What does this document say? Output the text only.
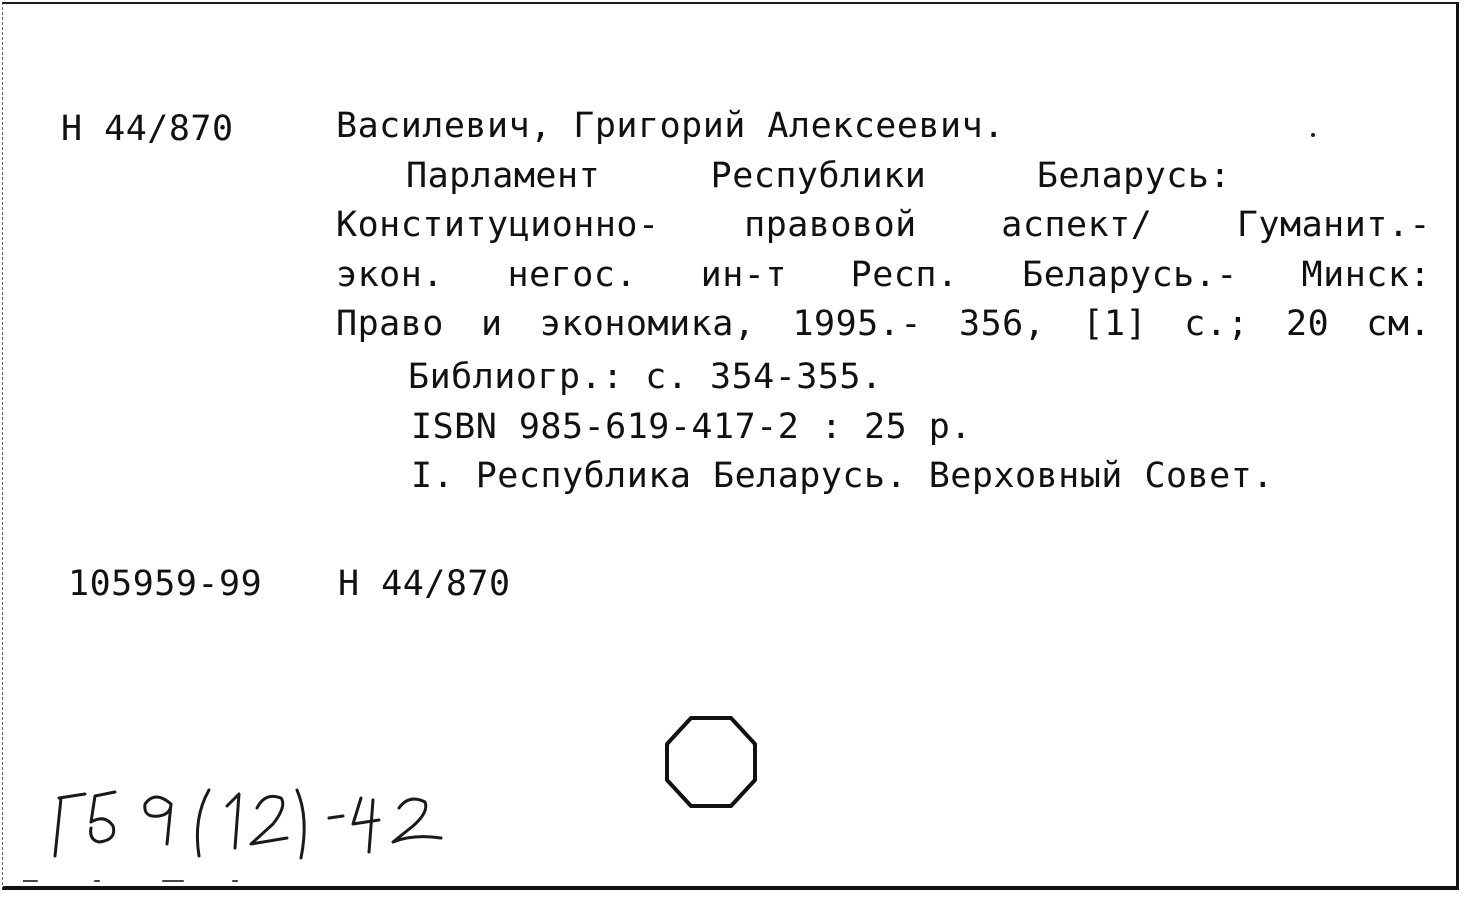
Н 44/870	Василевич, Григорий Алексеевич.
Парламент Республики Беларусь:
Конституционно- правовой аспект/ Гуманит.-
экон. негос. ин-т Респ. Беларусь.- Минск:
Право и экономика, 1995.- 356, [1] с.; 20 см.
Библиогр.: с. 354-355.
ISBN 985-619-417-2 : 25 р.
I. Республика Беларусь. Верховный Совет.
105959-99 Н 44/870
